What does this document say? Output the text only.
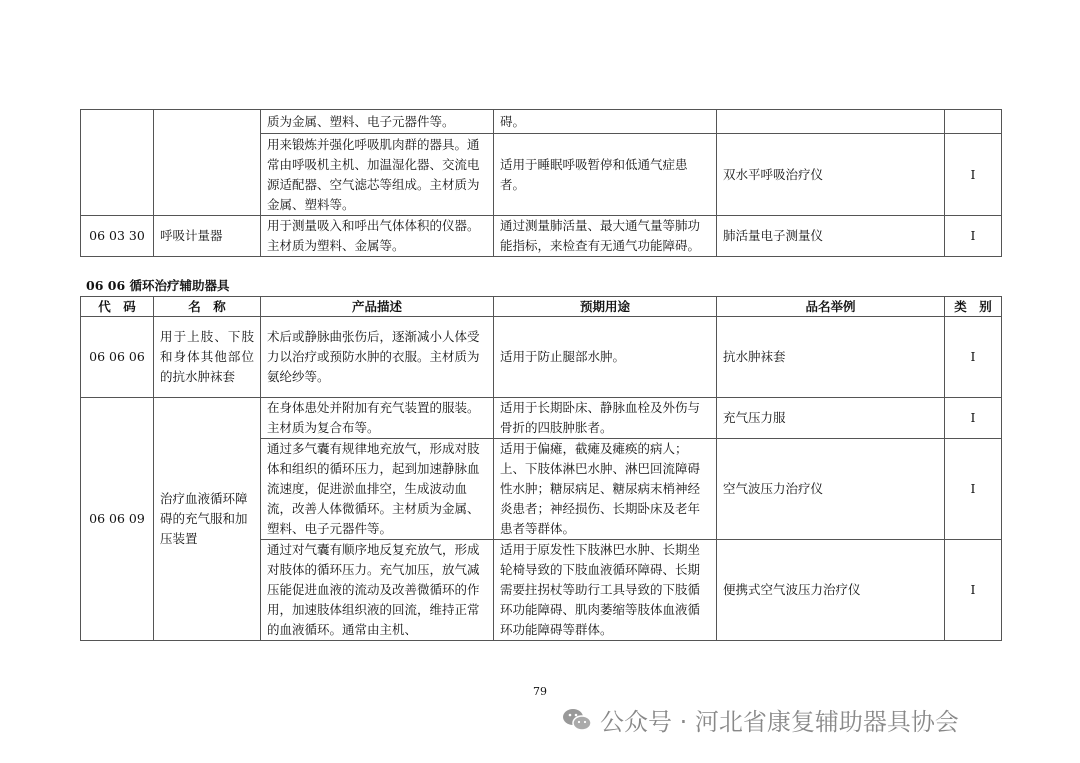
		质为金属、塑料、电子元器件等。	碍。		
		用来锻炼并强化呼吸肌肉群的器具。通常由呼吸机主机、加温湿化器、交流电源适配器、空气滤芯等组成。主材质为金属、塑料等。	适用于睡眠呼吸暂停和低通气症患者。	双水平呼吸治疗仪	I
06 03 30	呼吸计量器	用于测量吸入和呼出气体体积的仪器。主材质为塑料、金属等。	通过测量肺活量、最大通气量等肺功能指标，来检查有无通气功能障碍。	肺活量电子测量仪	I
06 06 循环治疗辅助器具
代　码	名　称	产品描述	预期用途	品名举例	类　别
06 06 06	用于上肢、下肢和身体其他部位的抗水肿袜套	术后或静脉曲张伤后，逐渐减小人体受力以治疗或预防水肿的衣服。主材质为氨纶纱等。	适用于防止腿部水肿。	抗水肿袜套	I
06 06 09	治疗血液循环障碍的充气服和加压装置	在身体患处并附加有充气装置的服装。主材质为复合布等。	适用于长期卧床、静脉血栓及外伤与骨折的四肢肿胀者。	充气压力服	I
		通过多气囊有规律地充放气，形成对肢体和组织的循环压力，起到加速静脉血流速度，促进淤血排空，生成波动血流，改善人体微循环。主材质为金属、塑料、电子元器件等。	适用于偏瘫，截瘫及瘫痪的病人；上、下肢体淋巴水肿、淋巴回流障碍性水肿；糖尿病足、糖尿病末梢神经炎患者；神经损伤、长期卧床及老年患者等群体。	空气波压力治疗仪	I
		通过对气囊有顺序地反复充放气，形成对肢体的循环压力。充气加压，放气减压能促进血液的流动及改善微循环的作用，加速肢体组织液的回流，维持正常的血液循环。通常由主机、	适用于原发性下肢淋巴水肿、长期坐轮椅导致的下肢血液循环障碍、长期需要拄拐杖等助行工具导致的下肢循环功能障碍、肌肉萎缩等肢体血液循环功能障碍等群体。	便携式空气波压力治疗仪	I
79
公众号 · 河北省康复辅助器具协会
